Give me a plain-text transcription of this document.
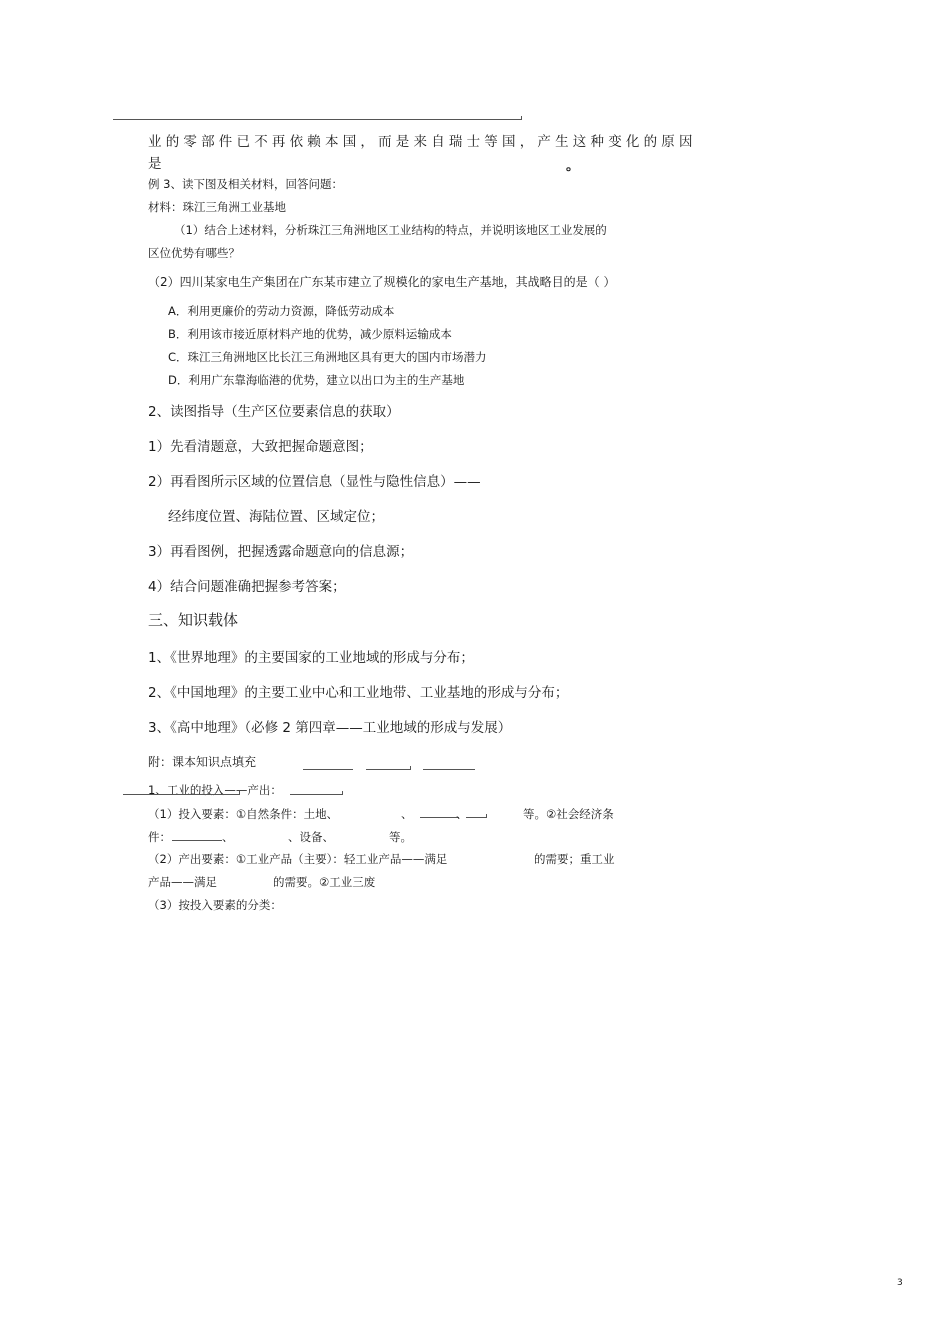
业的零部件已不再依赖本国，而是来自瑞士等国，产生这种变化的原因
是	。
例 3、读下图及相关材料，回答问题：
材料：珠江三角洲工业基地
（1）结合上述材料，分析珠江三角洲地区工业结构的特点，并说明该地区工业发展的
区位优势有哪些？
（2）四川某家电生产集团在广东某市建立了规模化的家电生产基地，其战略目的是（ ）
A．利用更廉价的劳动力资源，降低劳动成本
B．利用该市接近原材料产地的优势，减少原料运输成本
C．珠江三角洲地区比长江三角洲地区具有更大的国内市场潜力
D．利用广东靠海临港的优势，建立以出口为主的生产基地
2、读图指导（生产区位要素信息的获取）
1）先看清题意，大致把握命题意图；
2）再看图所示区域的位置信息（显性与隐性信息）——
经纬度位置、海陆位置、区域定位；
3）再看图例，把握透露命题意向的信息源；
4）结合问题准确把握参考答案；
三、知识载体
1、《世界地理》的主要国家的工业地域的形成与分布；
2、《中国地理》的主要工业中心和工业地带、工业基地的形成与分布；
3、《高中地理》（必修 2 第四章——工业地域的形成与发展）
附：课本知识点填充
1、工业的投入——产出：
（1）投入要素：①自然条件：土地、	、	、	等。②社会经济条
件：	、	、设备、	等。
（2）产出要素：①工业产品（主要）：轻工业产品——满足	的需要；重工业
产品——满足	的需要。②工业三废
（3）按投入要素的分类：
3
